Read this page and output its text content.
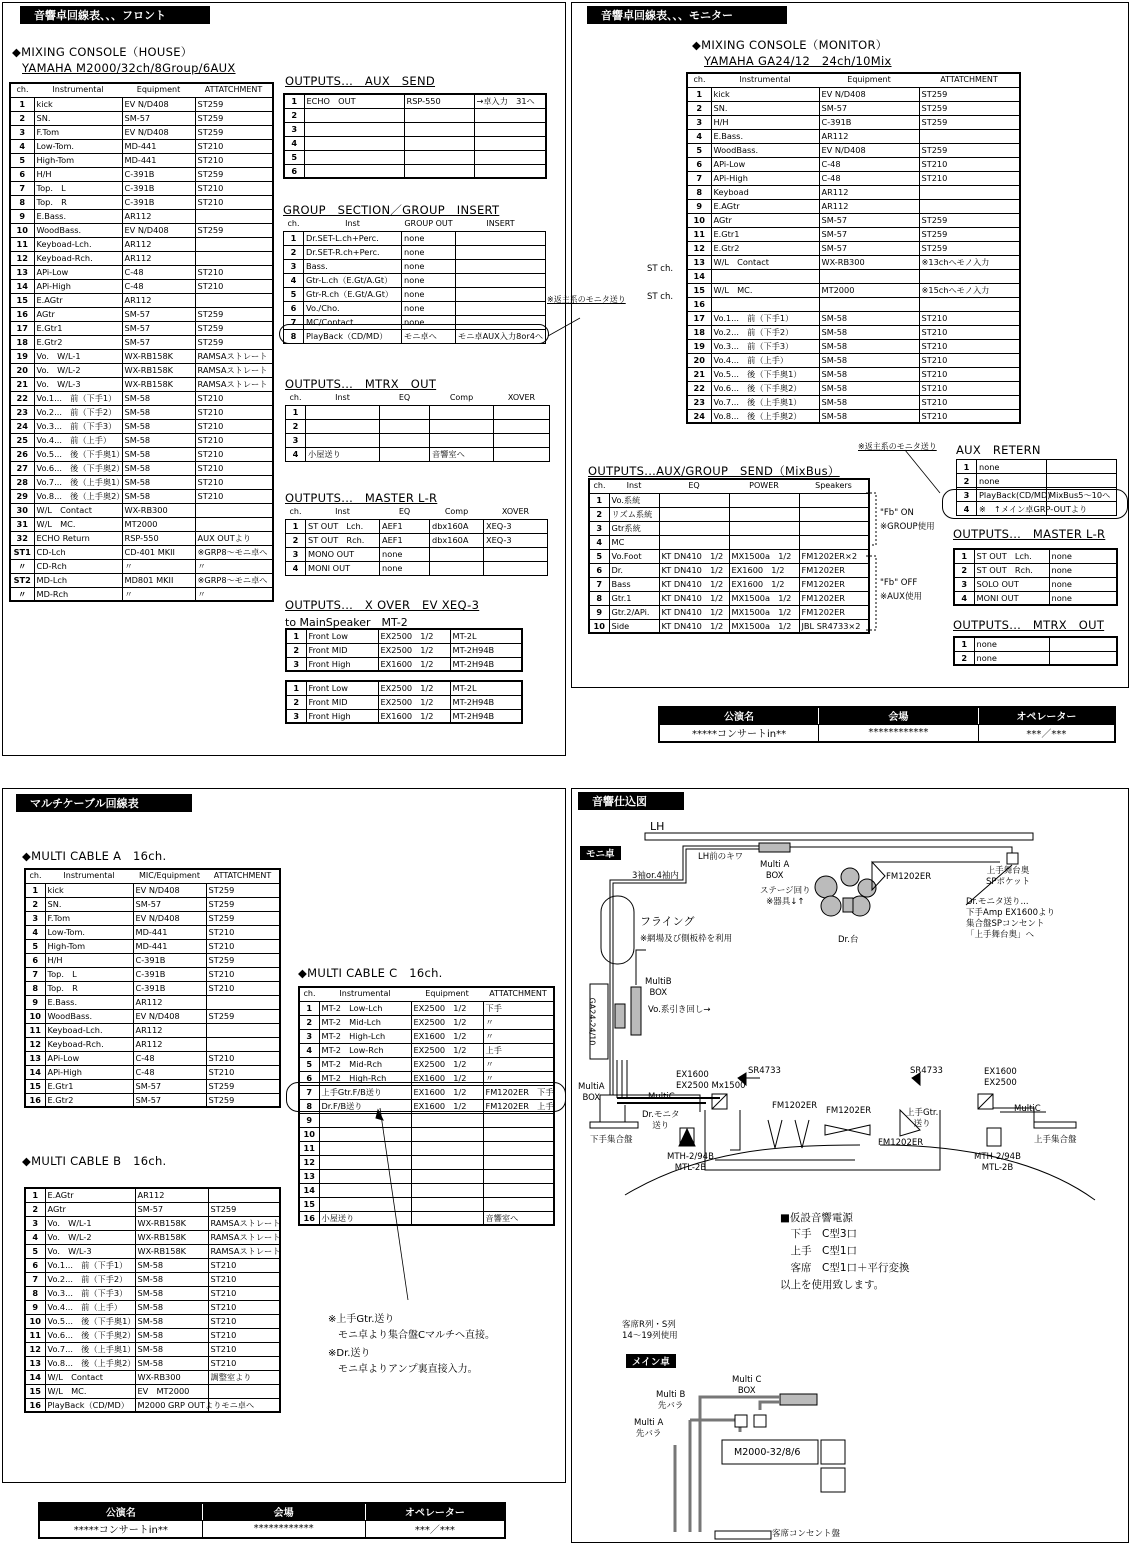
音響卓回線表、、、フロント
◆MIXING CONSOLE（HOUSE）
YAMAHA M2000/32ch/8Group/6AUX
ch.	Instrumental	Equipment	ATTATCHMENT
1	kick	EV N/D408	ST259
2	SN.	SM-57	ST259
3	F.Tom	EV N/D408	ST259
4	Low-Tom.	MD-441	ST210
5	High-Tom	MD-441	ST210
6	H/H	C-391B	ST259
7	Top.　L	C-391B	ST210
8	Top.　R	C-391B	ST210
9	E.Bass.	AR112	
10	WoodBass.	EV N/D408	ST259
11	Keyboad-Lch.	AR112	
12	Keyboad-Rch.	AR112	
13	APi-Low	C-48	ST210
14	APi-High	C-48	ST210
15	E.AGtr	AR112	
16	AGtr	SM-57	ST259
17	E.Gtr1	SM-57	ST259
18	E.Gtr2	SM-57	ST259
19	Vo.　W/L-1	WX-RB158K	RAMSAストレート
20	Vo.　W/L-2	WX-RB158K	RAMSAストレート
21	Vo.　W/L-3	WX-RB158K	RAMSAストレート
22	Vo.1...　前（下手1）	SM-58	ST210
23	Vo.2...　前（下手2）	SM-58	ST210
24	Vo.3...　前（下手3）	SM-58	ST210
25	Vo.4...　前（上手）	SM-58	ST210
26	Vo.5...　後（下手奥1）	SM-58	ST210
27	Vo.6...　後（下手奥2）	SM-58	ST210
28	Vo.7...　後（上手奥1）	SM-58	ST210
29	Vo.8...　後（上手奥2）	SM-58	ST210
30	W/L　Contact	WX-RB300	
31	W/L　MC.	MT2000	
32	ECHO Return	RSP-550	AUX OUTより
ST1	CD-Lch	CD-401 MKII	※GRP8〜モニ卓へ
〃	CD-Rch	〃	〃
ST2	MD-Lch	MD801 MKII	※GRP8〜モニ卓へ
〃	MD-Rch	〃	〃
OUTPUTS...　AUX　SEND
1	ECHO　OUT	RSP-550	→卓入力　31へ
2			
3			
4			
5			
6			
GROUP　SECTION／GROUP　INSERT
ch.	Inst	GROUP OUT	INSERT
1	Dr.SET-L.ch+Perc.	none	
2	Dr.SET-R.ch+Perc.	none	
3	Bass.	none	
4	Gtr-L.ch（E.Gt/A.Gt）	none	
5	Gtr-R.ch（E.Gt/A.Gt）	none	
6	Vo./Cho.	none	
7	MC/Contact	none	
8	PlayBack（CD/MD）	モニ卓へ	モニ卓AUX入力8or4へ
※返主系のモニタ送り
OUTPUTS...　MTRX　OUT
ch.	Inst	EQ	Comp	XOVER
1				
2				
3				
4	小屋送り		音響室へ	
OUTPUTS...　MASTER L-R
ch.	Inst	EQ	Comp	XOVER
1	ST OUT　Lch.	AEF1	dbx160A	XEQ-3
2	ST OUT　Rch.	AEF1	dbx160A	XEQ-3
3	MONO OUT	none		
4	MONI OUT	none		
OUTPUTS...　X OVER　EV XEQ-3
to MainSpeaker　MT-2
1	Front Low	EX2500　1/2	MT-2L
2	Front MID	EX2500　1/2	MT-2H94B
3	Front High	EX1600　1/2	MT-2H94B
1	Front Low	EX2500　1/2	MT-2L
2	Front MID	EX2500　1/2	MT-2H94B
3	Front High	EX1600　1/2	MT-2H94B
音響卓回線表、、、モニター
◆MIXING CONSOLE（MONITOR）
YAMAHA GA24/12　24ch/10Mix
ch.	Instrumental	Equipment	ATTATCHMENT
1	kick	EV N/D408	ST259
2	SN.	SM-57	ST259
3	H/H	C-391B	ST259
4	E.Bass.	AR112	
5	WoodBass.	EV N/D408	ST259
6	APi-Low	C-48	ST210
7	APi-High	C-48	ST210
8	Keyboad	AR112	
9	E.AGtr	AR112	
10	AGtr	SM-57	ST259
11	E.Gtr1	SM-57	ST259
12	E.Gtr2	SM-57	ST259
13	W/L　Contact	WX-RB300	※13chへモノ入力
14			
15	W/L　MC.	MT2000	※15chへモノ入力
16			
17	Vo.1...　前（下手1）	SM-58	ST210
18	Vo.2...　前（下手2）	SM-58	ST210
19	Vo.3...　前（下手3）	SM-58	ST210
20	Vo.4...　前（上手）	SM-58	ST210
21	Vo.5...　後（下手奥1）	SM-58	ST210
22	Vo.6...　後（下手奥2）	SM-58	ST210
23	Vo.7...　後（上手奥1）	SM-58	ST210
24	Vo.8...　後（上手奥2）	SM-58	ST210
ST ch.
ST ch.
OUTPUTS...AUX/GROUP　SEND（MixBus）
ch.	Inst	EQ	POWER	Speakers
1	Vo.系統			
2	リズム系統			
3	Gtr系統			
4	MC			
5	Vo.Foot	KT DN410　1/2	MX1500a　1/2	FM1202ER×2
6	Dr.	KT DN410　1/2	EX1600　1/2	FM1202ER
7	Bass	KT DN410　1/2	EX1600　1/2	FM1202ER
8	Gtr.1	KT DN410　1/2	MX1500a　1/2	FM1202ER
9	Gtr.2/APi.	KT DN410　1/2	MX1500a　1/2	FM1202ER
10	Side	KT DN410　1/2	MX1500a　1/2	JBL SR4733×2
"Fb" ON
※GROUP使用
"Fb" OFF
※AUX使用
※返主系のモニタ送り AUX　RETERN
1	none	
2	none	
3	PlayBack(CD/MD)	MixBus5〜10へ
4	※　↑メイン卓GRP-OUTより	
OUTPUTS...　MASTER L-R
1	ST OUT　Lch.	none
2	ST OUT　Rch.	none
3	SOLO OUT	none
4	MONI OUT	none
OUTPUTS...　MTRX　OUT
1	none	
2	none	
公演名	会場	オペレーター
*****コンサートin**	************	***／***
マルチケーブル回線表
◆MULTI CABLE A　16ch.
ch.	Instrumental	MIC/Equipment	ATTATCHMENT
1	kick	EV N/D408	ST259
2	SN.	SM-57	ST259
3	F.Tom	EV N/D408	ST259
4	Low-Tom.	MD-441	ST210
5	High-Tom	MD-441	ST210
6	H/H	C-391B	ST259
7	Top.　L	C-391B	ST210
8	Top.　R	C-391B	ST210
9	E.Bass.	AR112	
10	WoodBass.	EV N/D408	ST259
11	Keyboad-Lch.	AR112	
12	Keyboad-Rch.	AR112	
13	APi-Low	C-48	ST210
14	APi-High	C-48	ST210
15	E.Gtr1	SM-57	ST259
16	E.Gtr2	SM-57	ST259
◆MULTI CABLE B　16ch.
1	E.AGtr	AR112	
2	AGtr	SM-57	ST259
3	Vo.　W/L-1	WX-RB158K	RAMSAストレート
4	Vo.　W/L-2	WX-RB158K	RAMSAストレート
5	Vo.　W/L-3	WX-RB158K	RAMSAストレート
6	Vo.1...　前（下手1）	SM-58	ST210
7	Vo.2...　前（下手2）	SM-58	ST210
8	Vo.3...　前（下手3）	SM-58	ST210
9	Vo.4...　前（上手）	SM-58	ST210
10	Vo.5...　後（下手奥1）	SM-58	ST210
11	Vo.6...　後（下手奥2）	SM-58	ST210
12	Vo.7...　後（上手奥1）	SM-58	ST210
13	Vo.8...　後（上手奥2）	SM-58	ST210
14	W/L　Contact	WX-RB300	調整室より
15	W/L　MC.	EV　MT2000	
16	PlayBack（CD/MD）	M2000 GRP OUTよりモニ卓へ	
◆MULTI CABLE C　16ch.
ch.	Instrumental	Equipment	ATTATCHMENT
1	MT-2　Low-Lch	EX2500　1/2	下手
2	MT-2　Mid-Lch	EX2500　1/2	〃
3	MT-2　High-Lch	EX1600　1/2	〃
4	MT-2　Low-Rch	EX2500　1/2	上手
5	MT-2　Mid-Rch	EX2500　1/2	〃
6	MT-2　High-Rch	EX1600　1/2	〃
7	上手Gtr.F/B送り	EX1600　1/2	FM1202ER　下手
8	Dr.F/B送り	EX1600　1/2	FM1202ER　上手
9			
10			
11			
12			
13			
14			
15			
16	小屋送り		音響室へ
※上手Gtr.送り
　モニ卓より集合盤Cマルチへ直接。
※Dr.送り
　モニ卓よりアンプ裏直接入力。
公演名	会場	オペレーター
*****コンサートin**	************	***／***
音響仕込図
モニ卓
メイン卓
LH
LH前のキワ
Multi A
BOX
ステージ回り
※器具↓↑
3袖or.4袖内
フライング
※網場及び側板枠を利用
FM1202ER
Dr.台
上手舞台奥
SPポケット
Dr.モニタ送り...
下手Amp EX1600より
集合盤SPコンセント
「上手舞台奥」へ
GA24-24/10
MultiB
BOX
Vo.系引き回し→
MultiA
BOX	MultiC
EX1600
EX2500 Mx1500
SR4733	SR4733
FM1202ER FM1202ER
FM1202ER
上手Gtr.
送り
EX1600
EX2500
MultiC
Dr.モニタ
送り
下手集合盤	上手集合盤
MTH-2/94B
MTL-2B
MTH-2/94B
MTL-2B
■仮設音響電源
　下手　C型3口
　上手　C型1口
　客席　C型1口＋平行変換
以上を使用致します。
客席R列・S列
14〜19列使用
Multi C
BOX
Multi B
先バラ
Multi A
先バラ
M2000-32/8/6
客席コンセント盤
